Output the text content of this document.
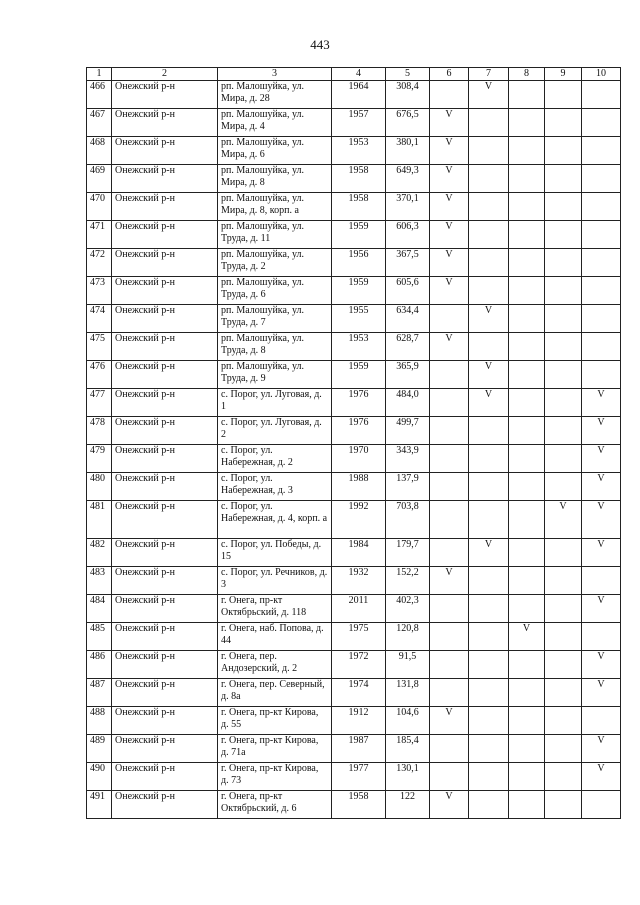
443
1	2	3	4	5	6	7	8	9	10
466	Онежский р-н	рп. Малошуйка, ул. Мира, д. 28	1964	308,4		V			
467	Онежский р-н	рп. Малошуйка, ул. Мира, д. 4	1957	676,5	V				
468	Онежский р-н	рп. Малошуйка, ул. Мира, д. 6	1953	380,1	V				
469	Онежский р-н	рп. Малошуйка, ул. Мира, д. 8	1958	649,3	V				
470	Онежский р-н	рп. Малошуйка, ул. Мира, д. 8, корп. а	1958	370,1	V				
471	Онежский р-н	рп. Малошуйка, ул. Труда, д. 11	1959	606,3	V				
472	Онежский р-н	рп. Малошуйка, ул. Труда, д. 2	1956	367,5	V				
473	Онежский р-н	рп. Малошуйка, ул. Труда, д. 6	1959	605,6	V				
474	Онежский р-н	рп. Малошуйка, ул. Труда, д. 7	1955	634,4		V			
475	Онежский р-н	рп. Малошуйка, ул. Труда, д. 8	1953	628,7	V				
476	Онежский р-н	рп. Малошуйка, ул. Труда, д. 9	1959	365,9		V			
477	Онежский р-н	с. Порог, ул. Луговая, д. 1	1976	484,0		V			V
478	Онежский р-н	с. Порог, ул. Луговая, д. 2	1976	499,7					V
479	Онежский р-н	с. Порог, ул. Набережная, д. 2	1970	343,9					V
480	Онежский р-н	с. Порог, ул. Набережная, д. 3	1988	137,9					V
481	Онежский р-н	с. Порог, ул. Набережная, д. 4, корп. а	1992	703,8				V	V
482	Онежский р-н	с. Порог, ул. Победы, д. 15	1984	179,7		V			V
483	Онежский р-н	с. Порог, ул. Речников, д. 3	1932	152,2	V				
484	Онежский р-н	г. Онега, пр-кт Октябрьский, д. 118	2011	402,3					V
485	Онежский р-н	г. Онега, наб. Попова, д. 44	1975	120,8			V		
486	Онежский р-н	г. Онега, пер. Андозерский, д. 2	1972	91,5					V
487	Онежский р-н	г. Онега, пер. Северный, д. 8а	1974	131,8					V
488	Онежский р-н	г. Онега, пр-кт Кирова, д. 55	1912	104,6	V				
489	Онежский р-н	г. Онега, пр-кт Кирова, д. 71а	1987	185,4					V
490	Онежский р-н	г. Онега, пр-кт Кирова, д. 73	1977	130,1					V
491	Онежский р-н	г. Онега, пр-кт Октябрьский, д. 6	1958	122	V				
